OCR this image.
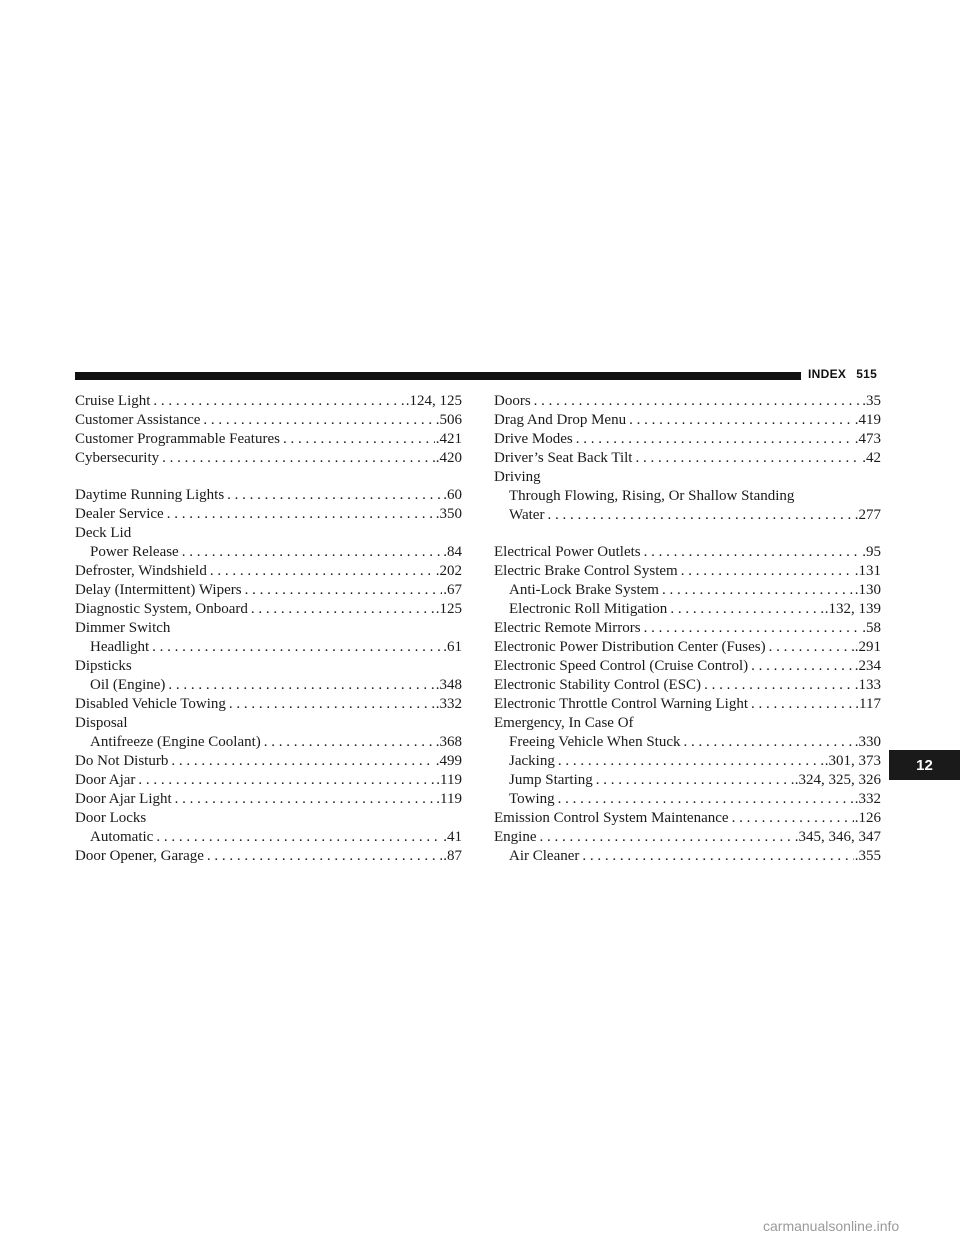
INDEX 515
Cruise Light . . .	.124, 125
Customer Assistance . . .	.506
Customer Programmable Features . . .	.421
Cybersecurity . . .	.420
Daytime Running Lights . . .	.60
Dealer Service . . .	.350
Deck Lid
Power Release . . .	.84
Defroster, Windshield . . .	.202
Delay (Intermittent) Wipers . . .	.67
Diagnostic System, Onboard . . .	.125
Dimmer Switch
Headlight . . .	.61
Dipsticks
Oil (Engine) . . .	.348
Disabled Vehicle Towing . . .	.332
Disposal
Antifreeze (Engine Coolant) . . .	.368
Do Not Disturb . . .	.499
Door Ajar . . .	.119
Door Ajar Light . . .	.119
Door Locks
Automatic . . .	.41
Door Opener, Garage . . .	.87
Doors . . .	.35
Drag And Drop Menu . . .	.419
Drive Modes . . .	.473
Driver’s Seat Back Tilt . . .	.42
Driving
Through Flowing, Rising, Or Shallow Standing
Water . . .	.277
Electrical Power Outlets . . .	.95
Electric Brake Control System . . .	.131
Anti-Lock Brake System . . .	.130
Electronic Roll Mitigation . . .	.132, 139
Electric Remote Mirrors . . .	.58
Electronic Power Distribution Center (Fuses) . . .	.291
Electronic Speed Control (Cruise Control) . . .	.234
Electronic Stability Control (ESC) . . .	.133
Electronic Throttle Control Warning Light . . .	.117
Emergency, In Case Of
Freeing Vehicle When Stuck . . .	.330
Jacking . . .	.301, 373
Jump Starting . . .	.324, 325, 326
Towing . . .	.332
Emission Control System Maintenance . . .	.126
Engine . . .	.345, 346, 347
Air Cleaner . . .	.355
12
carmanualsonline.info
